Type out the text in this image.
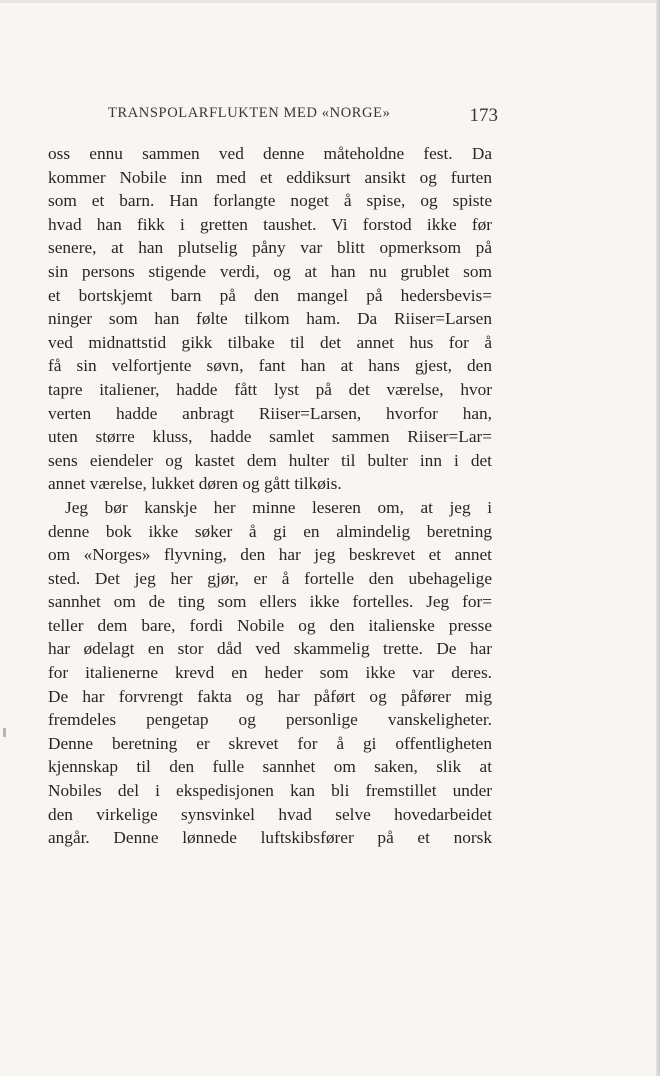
TRANSPOLARFLUKTEN MED «NORGE»	173
oss ennu sammen ved denne måteholdne fest. Da
kommer Nobile inn med et eddiksurt ansikt og furten
som et barn. Han forlangte noget å spise, og spiste
hvad han fikk i gretten taushet. Vi forstod ikke før
senere, at han plutselig påny var blitt opmerksom på
sin persons stigende verdi, og at han nu grublet som
et bortskjemt barn på den mangel på hedersbevis=
ninger som han følte tilkom ham. Da Riiser=Larsen
ved midnattstid gikk tilbake til det annet hus for å
få sin velfortjente søvn, fant han at hans gjest, den
tapre italiener, hadde fått lyst på det værelse, hvor
verten hadde anbragt Riiser=Larsen, hvorfor han,
uten større kluss, hadde samlet sammen Riiser=Lar=
sens eiendeler og kastet dem hulter til bulter inn i det
annet værelse, lukket døren og gått tilkøis.
Jeg bør kanskje her minne leseren om, at jeg i
denne bok ikke søker å gi en almindelig beretning
om «Norges» flyvning, den har jeg beskrevet et annet
sted. Det jeg her gjør, er å fortelle den ubehagelige
sannhet om de ting som ellers ikke fortelles. Jeg for=
teller dem bare, fordi Nobile og den italienske presse
har ødelagt en stor dåd ved skammelig trette. De har
for italienerne krevd en heder som ikke var deres.
De har forvrengt fakta og har påført og påfører mig
fremdeles pengetap og personlige vanskeligheter.
Denne beretning er skrevet for å gi offentligheten
kjennskap til den fulle sannhet om saken, slik at
Nobiles del i ekspedisjonen kan bli fremstillet under
den virkelige synsvinkel hvad selve hovedarbeidet
angår. Denne lønnede luftskibsfører på et norsk
